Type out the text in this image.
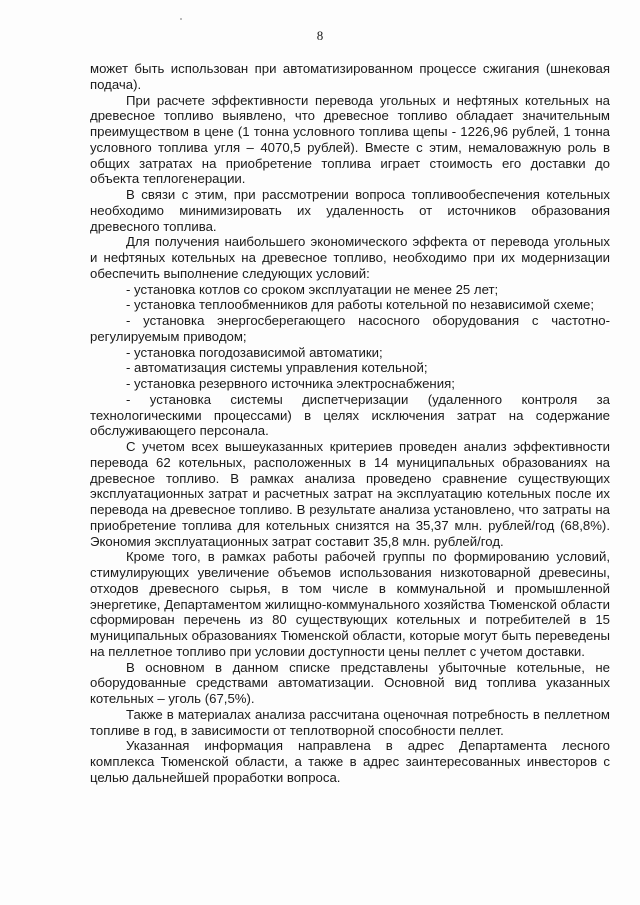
8

может быть использован при автоматизированном процессе сжигания (шнековая подача).

При расчете эффективности перевода угольных и нефтяных котельных на древесное топливо выявлено, что древесное топливо обладает значительным преимуществом в цене (1 тонна условного топлива щепы - 1226,96 рублей, 1 тонна условного топлива угля – 4070,5 рублей). Вместе с этим, немаловажную роль в общих затратах на приобретение топлива играет стоимость его доставки до объекта теплогенерации.

В связи с этим, при рассмотрении вопроса топливообеспечения котельных необходимо минимизировать их удаленность от источников образования древесного топлива.

Для получения наибольшего экономического эффекта от перевода угольных и нефтяных котельных на древесное топливо, необходимо при их модернизации обеспечить выполнение следующих условий:

- установка котлов со сроком эксплуатации не менее 25 лет;

- установка теплообменников для работы котельной по независимой схеме;

- установка энергосберегающего насосного оборудования с частотно-регулируемым приводом;

- установка погодозависимой автоматики;

- автоматизация системы управления котельной;

- установка резервного источника электроснабжения;

- установка системы диспетчеризации (удаленного контроля за технологическими процессами) в целях исключения затрат на содержание обслуживающего персонала.

С учетом всех вышеуказанных критериев проведен анализ эффективности перевода 62 котельных, расположенных в 14 муниципальных образованиях на древесное топливо. В рамках анализа проведено сравнение существующих эксплуатационных затрат и расчетных затрат на эксплуатацию котельных после их перевода на древесное топливо. В результате анализа установлено, что затраты на приобретение топлива для котельных снизятся на 35,37 млн. рублей/год (68,8%). Экономия эксплуатационных затрат составит 35,8 млн. рублей/год.

Кроме того, в рамках работы рабочей группы по формированию условий, стимулирующих увеличение объемов использования низкотоварной древесины, отходов древесного сырья, в том числе в коммунальной и промышленной энергетике, Департаментом жилищно-коммунального хозяйства Тюменской области сформирован перечень из 80 существующих котельных и потребителей в 15 муниципальных образованиях Тюменской области, которые могут быть переведены на пеллетное топливо при условии доступности цены пеллет с учетом доставки.

В основном в данном списке представлены убыточные котельные, не оборудованные средствами автоматизации. Основной вид топлива указанных котельных – уголь (67,5%).

Также в материалах анализа рассчитана оценочная потребность в пеллетном топливе в год, в зависимости от теплотворной способности пеллет.

Указанная информация направлена в адрес Департамента лесного комплекса Тюменской области, а также в адрес заинтересованных инвесторов с целью дальнейшей проработки вопроса.
